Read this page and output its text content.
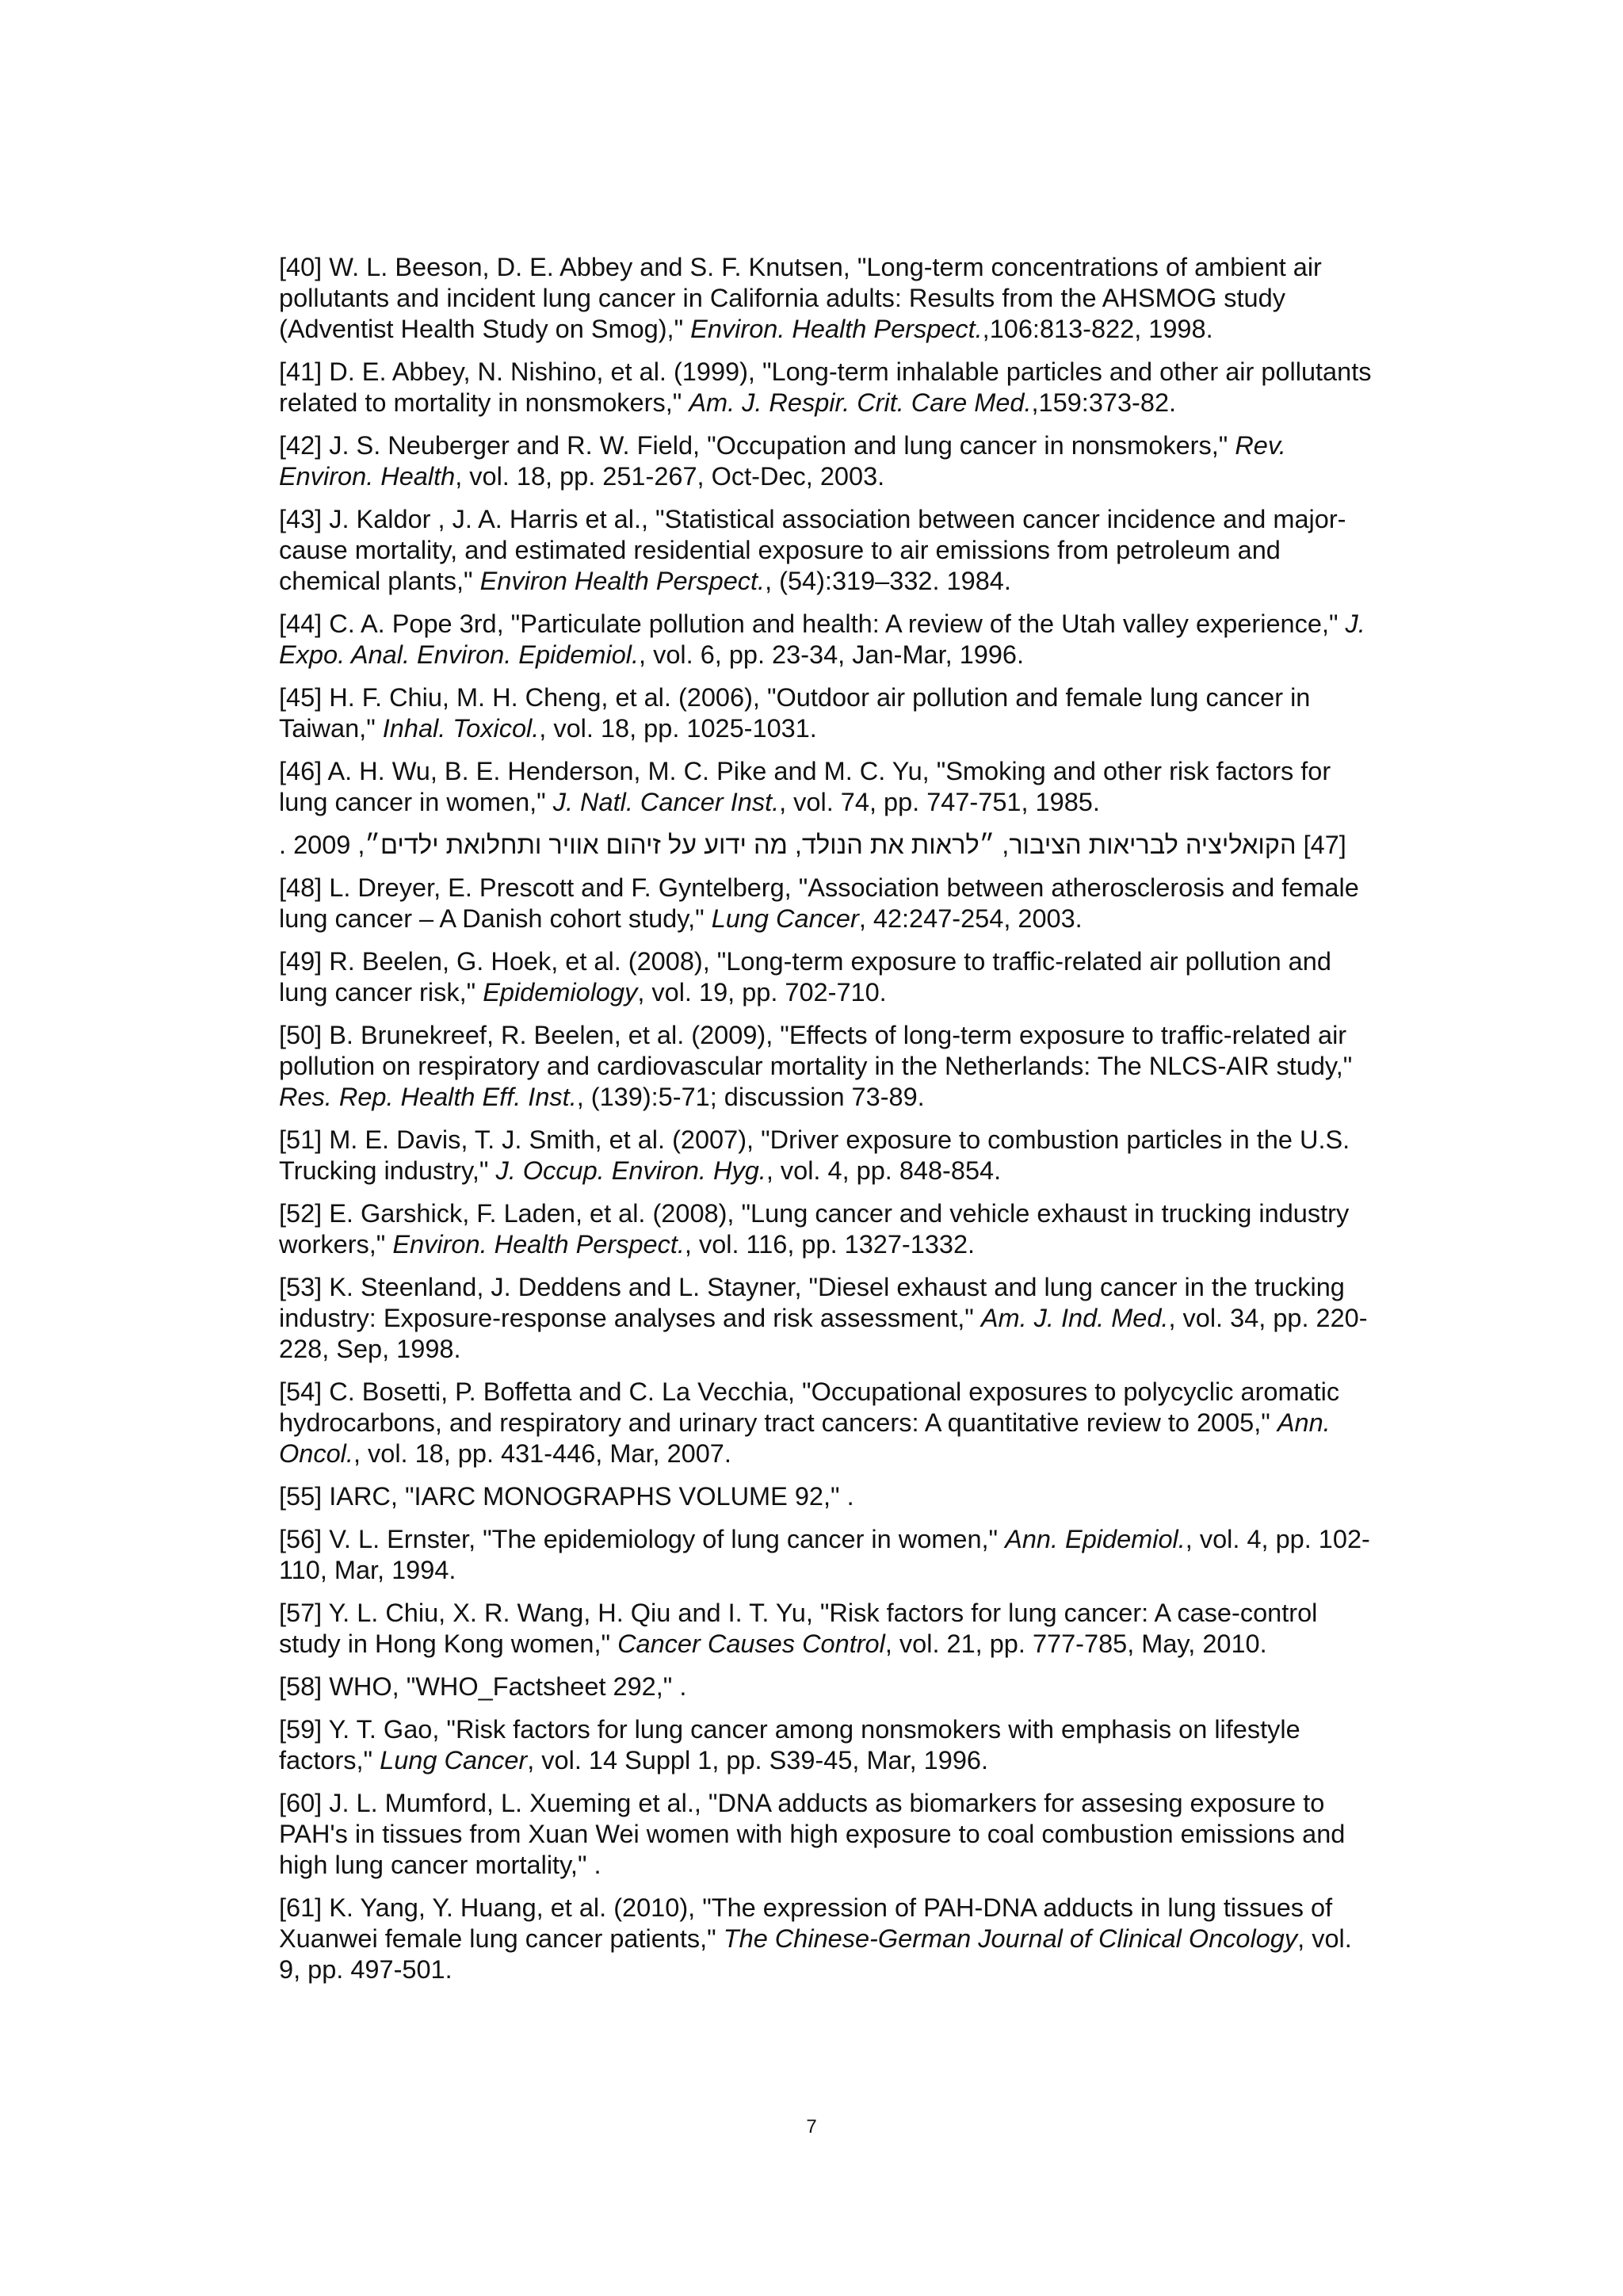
[40] W. L. Beeson, D. E. Abbey and S. F. Knutsen, "Long-term concentrations of ambient air pollutants and incident lung cancer in California adults: Results from the AHSMOG study (Adventist Health Study on Smog)," Environ. Health Perspect.,106:813-822, 1998.

[41] D. E. Abbey, N. Nishino, et al. (1999), "Long-term inhalable particles and other air pollutants related to mortality in nonsmokers," Am. J. Respir. Crit. Care Med.,159:373-82.

[42] J. S. Neuberger and R. W. Field, "Occupation and lung cancer in nonsmokers," Rev. Environ. Health, vol. 18, pp. 251-267, Oct-Dec, 2003.

[43] J. Kaldor , J. A. Harris et al., "Statistical association between cancer incidence and major-cause mortality, and estimated residential exposure to air emissions from petroleum and chemical plants," Environ Health Perspect., (54):319–332. 1984.

[44] C. A. Pope 3rd, "Particulate pollution and health: A review of the Utah valley experience," J. Expo. Anal. Environ. Epidemiol., vol. 6, pp. 23-34, Jan-Mar, 1996.

[45] H. F. Chiu, M. H. Cheng, et al. (2006), "Outdoor air pollution and female lung cancer in Taiwan," Inhal. Toxicol., vol. 18, pp. 1025-1031.

[46] A. H. Wu, B. E. Henderson, M. C. Pike and M. C. Yu, "Smoking and other risk factors for lung cancer in women," J. Natl. Cancer Inst., vol. 74, pp. 747-751, 1985.

[47] הקואליציה לבריאות הציבור, ״לראות את הנולד, מה ידוע על זיהום אוויר ותחלואת ילדים״, 2009 .

[48] L. Dreyer, E. Prescott and F. Gyntelberg, "Association between atherosclerosis and female lung cancer – A Danish cohort study," Lung Cancer, 42:247-254, 2003.

[49] R. Beelen, G. Hoek, et al. (2008), "Long-term exposure to traffic-related air pollution and lung cancer risk," Epidemiology, vol. 19, pp. 702-710.

[50] B. Brunekreef, R. Beelen, et al. (2009), "Effects of long-term exposure to traffic-related air pollution on respiratory and cardiovascular mortality in the Netherlands: The NLCS-AIR study," Res. Rep. Health Eff. Inst., (139):5-71; discussion 73-89.

[51] M. E. Davis, T. J. Smith, et al. (2007), "Driver exposure to combustion particles in the U.S. Trucking industry," J. Occup. Environ. Hyg., vol. 4, pp. 848-854.

[52] E. Garshick, F. Laden, et al. (2008), "Lung cancer and vehicle exhaust in trucking industry workers," Environ. Health Perspect., vol. 116, pp. 1327-1332.

[53] K. Steenland, J. Deddens and L. Stayner, "Diesel exhaust and lung cancer in the trucking industry: Exposure-response analyses and risk assessment," Am. J. Ind. Med., vol. 34, pp. 220-228, Sep, 1998.

[54] C. Bosetti, P. Boffetta and C. La Vecchia, "Occupational exposures to polycyclic aromatic hydrocarbons, and respiratory and urinary tract cancers: A quantitative review to 2005," Ann. Oncol., vol. 18, pp. 431-446, Mar, 2007.

[55] IARC, "IARC MONOGRAPHS VOLUME 92," .

[56] V. L. Ernster, "The epidemiology of lung cancer in women," Ann. Epidemiol., vol. 4, pp. 102-110, Mar, 1994.

[57] Y. L. Chiu, X. R. Wang, H. Qiu and I. T. Yu, "Risk factors for lung cancer: A case-control study in Hong Kong women," Cancer Causes Control, vol. 21, pp. 777-785, May, 2010.

[58] WHO, "WHO_Factsheet 292," .

[59] Y. T. Gao, "Risk factors for lung cancer among nonsmokers with emphasis on lifestyle factors," Lung Cancer, vol. 14 Suppl 1, pp. S39-45, Mar, 1996.

[60] J. L. Mumford, L. Xueming et al., "DNA adducts as biomarkers for assesing exposure to PAH's in tissues from Xuan Wei women with high exposure to coal combustion emissions and high lung cancer mortality," .

[61] K. Yang, Y. Huang, et al. (2010), "The expression of PAH-DNA adducts in lung tissues of Xuanwei female lung cancer patients," The Chinese-German Journal of Clinical Oncology, vol. 9, pp. 497-501.

7
